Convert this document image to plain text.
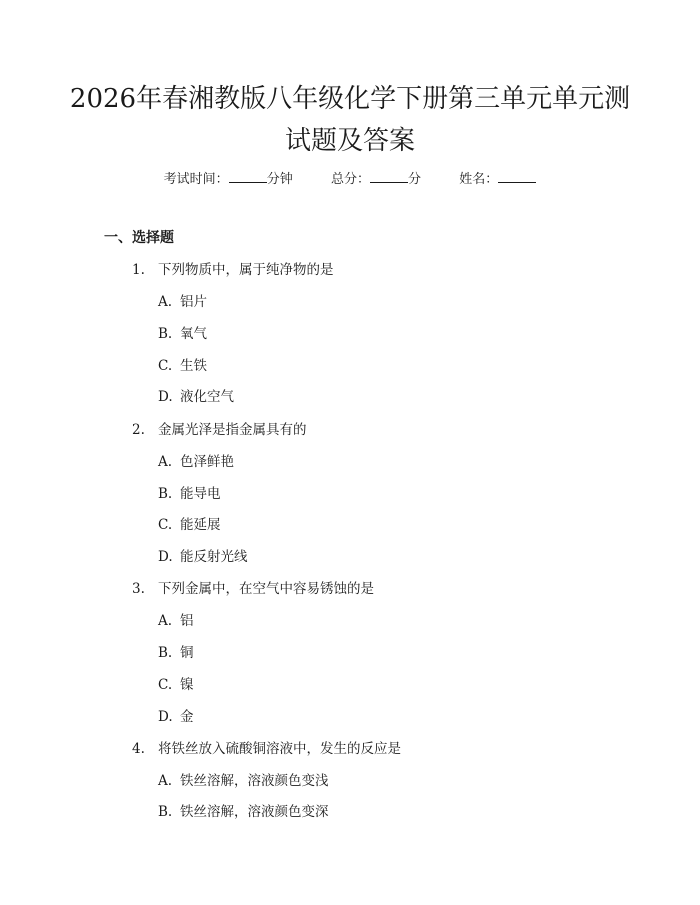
2026年春湘教版八年级化学下册第三单元单元测试题及答案
考试时间：	分钟	总分：	分	姓名：
一、选择题
1. 下列物质中，属于纯净物的是
A. 铝片
B. 氧气
C. 生铁
D. 液化空气
2. 金属光泽是指金属具有的
A. 色泽鲜艳
B. 能导电
C. 能延展
D. 能反射光线
3. 下列金属中，在空气中容易锈蚀的是
A. 铝
B. 铜
C. 镍
D. 金
4. 将铁丝放入硫酸铜溶液中，发生的反应是
A. 铁丝溶解，溶液颜色变浅
B. 铁丝溶解，溶液颜色变深
